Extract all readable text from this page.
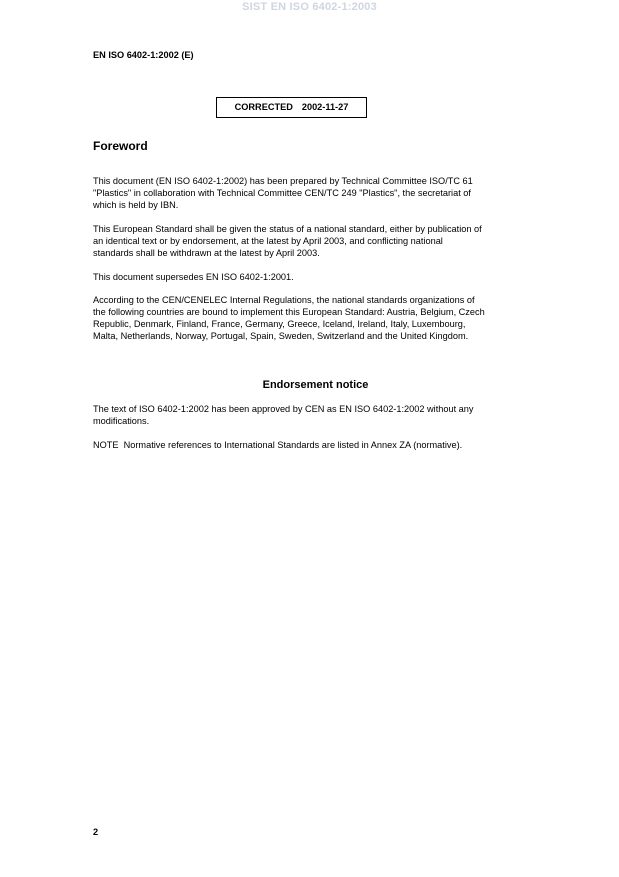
SIST EN ISO 6402-1:2003
EN ISO 6402-1:2002 (E)
CORRECTED 2002-11-27
Foreword
This document (EN ISO 6402-1:2002) has been prepared by Technical Committee ISO/TC 61
"Plastics" in collaboration with Technical Committee CEN/TC 249 "Plastics", the secretariat of
which is held by IBN.
This European Standard shall be given the status of a national standard, either by publication of
an identical text or by endorsement, at the latest by April 2003, and conflicting national
standards shall be withdrawn at the latest by April 2003.
This document supersedes EN ISO 6402-1:2001.
According to the CEN/CENELEC Internal Regulations, the national standards organizations of
the following countries are bound to implement this European Standard: Austria, Belgium, Czech
Republic, Denmark, Finland, France, Germany, Greece, Iceland, Ireland, Italy, Luxembourg,
Malta, Netherlands, Norway, Portugal, Spain, Sweden, Switzerland and the United Kingdom.
Endorsement notice
The text of ISO 6402-1:2002 has been approved by CEN as EN ISO 6402-1:2002 without any
modifications.
NOTE  Normative references to International Standards are listed in Annex ZA (normative).
2
